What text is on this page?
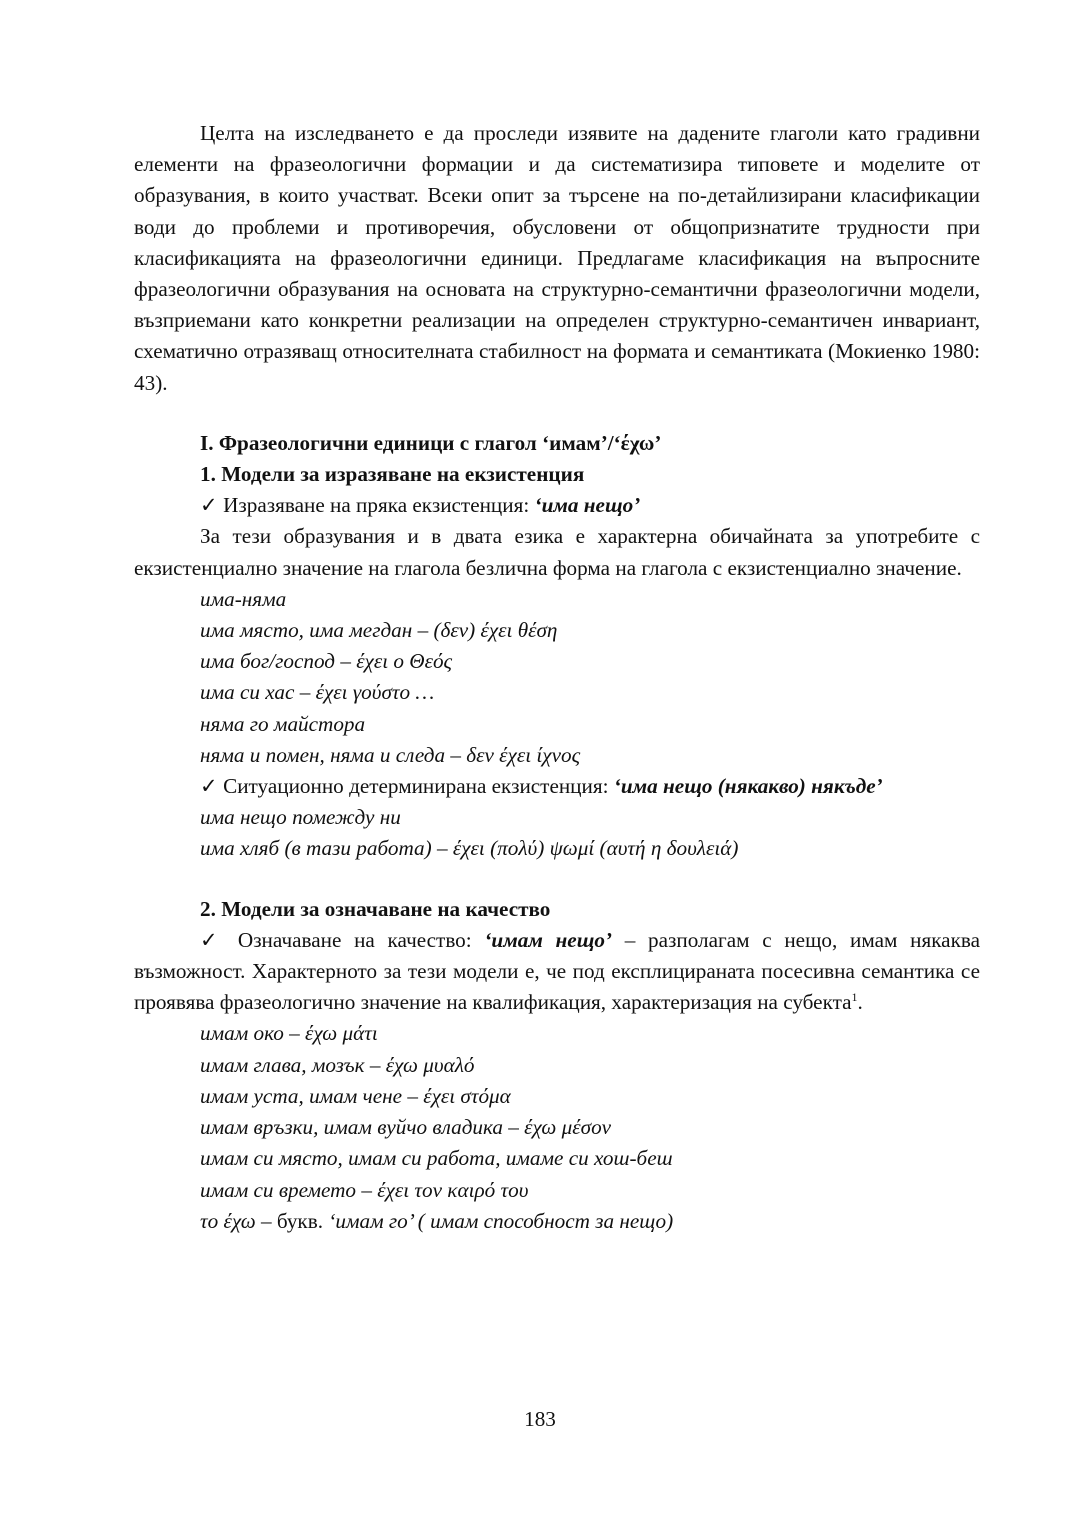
Целта на изследването е да проследи изявите на дадените глаголи като градивни елементи на фразеологични формации и да систематизира типовете и моделите от образувания, в които участват. Всеки опит за търсене на по-детайлизирани класификации води до проблеми и противоречия, обусловени от общопризнатите трудности при класификацията на фразеологични единици. Предлагаме класификация на въпросните фразеологични образувания на основата на структурно-семантични фразеологични модели, възприемани като конкретни реализации на определен структурно-семантичен инвариант, схематично отразяващ относителната стабилност на формата и семантиката (Мокиенко 1980: 43).

I. Фразеологични единици с глагол ‘имам’/‘έχω’

1. Модели за изразяване на екзистенция

✓ Изразяване на пряка екзистенция: ‘има нещо’

За тези образувания и в двата езика е характерна обичайната за употребите с екзистенциално значение на глагола безлична форма на глагола с екзистенциално значение.

има-няма

има място, има мегдан – (δεν) έχει θέση

има бог/господ – έχει ο Θεός

има си хас – έχει γούστο …

няма го майстора

няма и помен, няма и следа – δεν έχει ίχνος

✓ Ситуационно детерминирана екзистенция: ‘има нещо (някакво) някъде’

има нещо помежду ни

има хляб (в тази работа) – έχει (πολύ) ψωμί (αυτή η δουλειά)

2. Модели за означаване на качество

✓ Означаване на качество: ‘имам нещо’ – разполагам с нещо, имам някаква възможност. Характерното за тези модели е, че под експлицираната посесивна семантика се проявява фразеологично значение на квалификация, характеризация на субекта$^1$.

имам око – έχω μάτι

имам глава, мозък – έχω μυαλό

имам уста, имам чене – έχει στόμα

имам връзки, имам вуйчо владика – έχω μέσον

имам си място, имам си работа, имаме си хош-беш

имам си времето – έχει τον καιρό του

το έχω – букв. ‘имам го’ ( имам способност за нещо)

183
